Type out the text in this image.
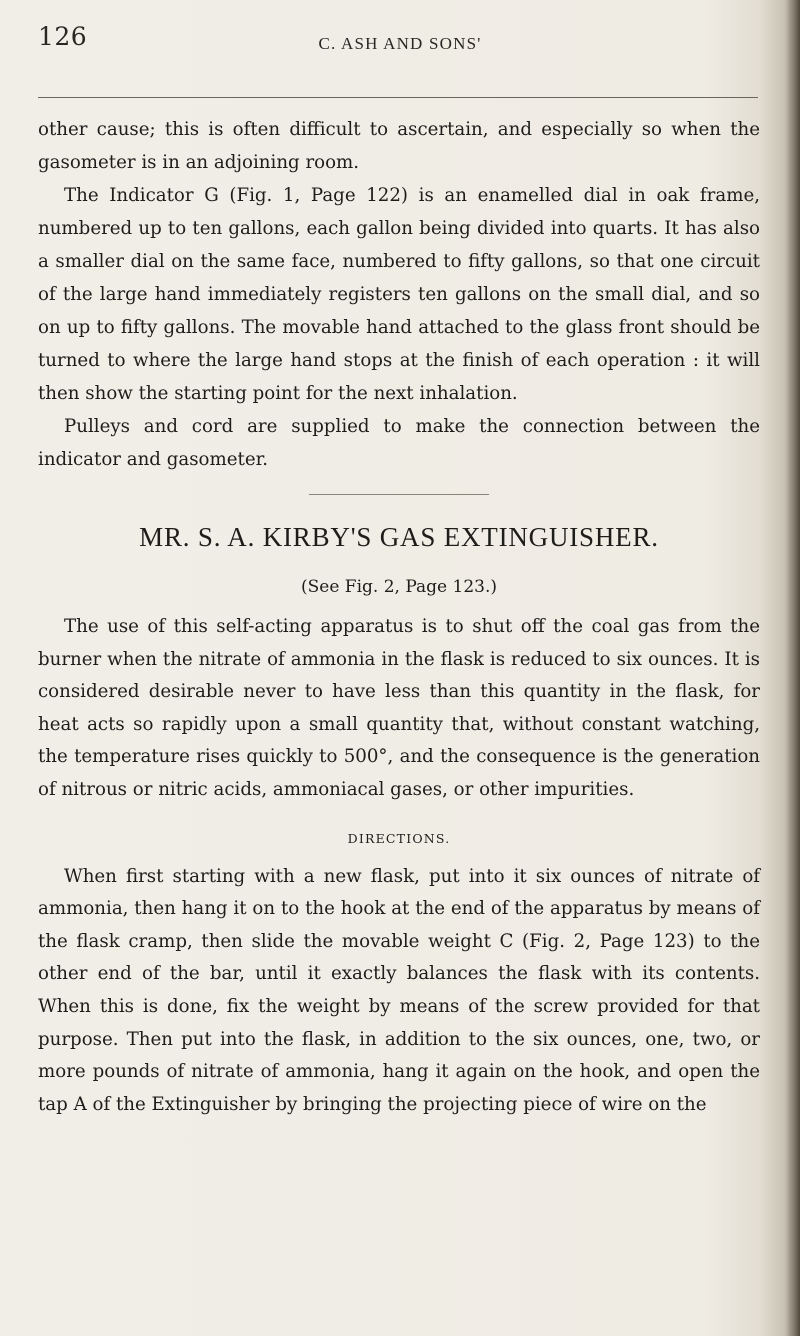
126	C. ASH AND SONS'

other cause; this is often difficult to ascertain, and especially so when the gasometer is in an adjoining room.

The Indicator G (Fig. 1, Page 122) is an enamelled dial in oak frame, numbered up to ten gallons, each gallon being divided into quarts. It has also a smaller dial on the same face, numbered to fifty gallons, so that one circuit of the large hand immediately registers ten gallons on the small dial, and so on up to fifty gallons. The movable hand attached to the glass front should be turned to where the large hand stops at the finish of each operation : it will then show the starting point for the next inhalation.

Pulleys and cord are supplied to make the connection between the indicator and gasometer.

MR. S. A. KIRBY'S GAS EXTINGUISHER.
(See Fig. 2, Page 123.)

The use of this self-acting apparatus is to shut off the coal gas from the burner when the nitrate of ammonia in the flask is reduced to six ounces. It is considered desirable never to have less than this quantity in the flask, for heat acts so rapidly upon a small quantity that, without constant watching, the temperature rises quickly to 500°, and the consequence is the generation of nitrous or nitric acids, ammoniacal gases, or other impurities.

DIRECTIONS.

When first starting with a new flask, put into it six ounces of nitrate of ammonia, then hang it on to the hook at the end of the apparatus by means of the flask cramp, then slide the movable weight C (Fig. 2, Page 123) to the other end of the bar, until it exactly balances the flask with its contents. When this is done, fix the weight by means of the screw provided for that purpose. Then put into the flask, in addition to the six ounces, one, two, or more pounds of nitrate of ammonia, hang it again on the hook, and open the tap A of the Extinguisher by bringing the projecting piece of wire on the
